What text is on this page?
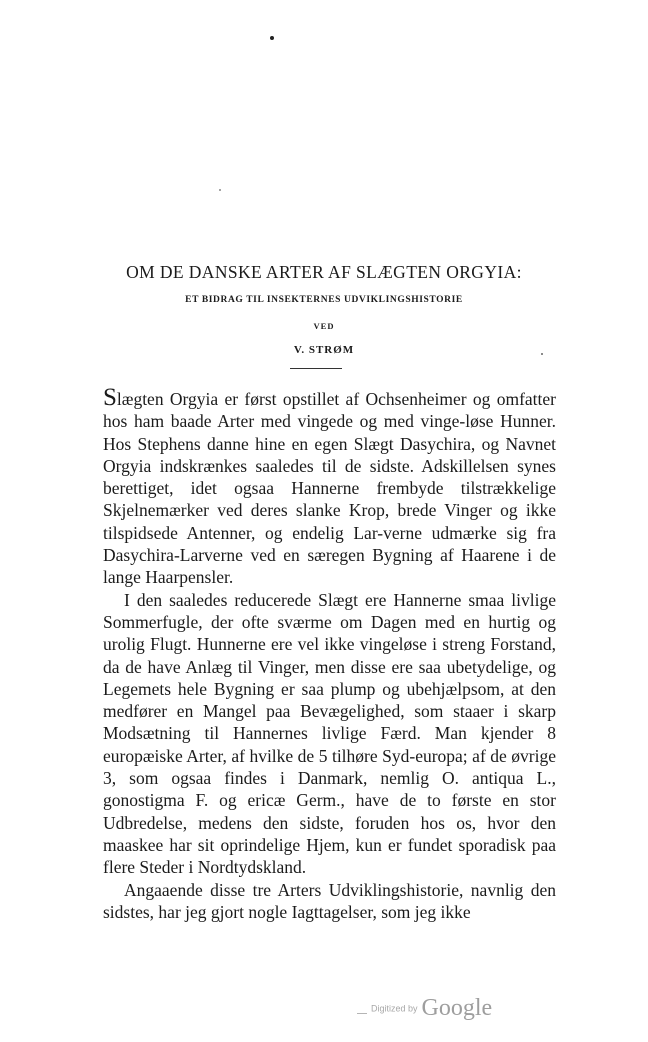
OM DE DANSKE ARTER AF SLÆGTEN ORGYIA:
ET BIDRAG TIL INSEKTERNES UDVIKLINGSHISTORIE
VED
V. STRØM

Slægten Orgyia er først opstillet af Ochsenheimer og omfatter hos ham baade Arter med vingede og med vinge-løse Hunner. Hos Stephens danne hine en egen Slægt Dasychira, og Navnet Orgyia indskrænkes saaledes til de sidste. Adskillelsen synes berettiget, idet ogsaa Hannerne frembyde tilstrækkelige Skjelnemærker ved deres slanke Krop, brede Vinger og ikke tilspidsede Antenner, og endelig Lar-verne udmærke sig fra Dasychira-Larverne ved en særegen Bygning af Haarene i de lange Haarpensler.

I den saaledes reducerede Slægt ere Hannerne smaa livlige Sommerfugle, der ofte sværme om Dagen med en hurtig og urolig Flugt. Hunnerne ere vel ikke vingeløse i streng Forstand, da de have Anlæg til Vinger, men disse ere saa ubetydelige, og Legemets hele Bygning er saa plump og ubehjælpsom, at den medfører en Mangel paa Bevægelighed, som staaer i skarp Modsætning til Hannernes livlige Færd. Man kjender 8 europæiske Arter, af hvilke de 5 tilhøre Syd-europa; af de øvrige 3, som ogsaa findes i Danmark, nemlig O. antiqua L., gonostigma F. og ericæ Germ., have de to første en stor Udbredelse, medens den sidste, foruden hos os, hvor den maaskee har sit oprindelige Hjem, kun er fundet sporadisk paa flere Steder i Nordtydskland.

Angaaende disse tre Arters Udviklingshistorie, navnlig den sidstes, har jeg gjort nogle Iagttagelser, som jeg ikke

Digitized by Google
